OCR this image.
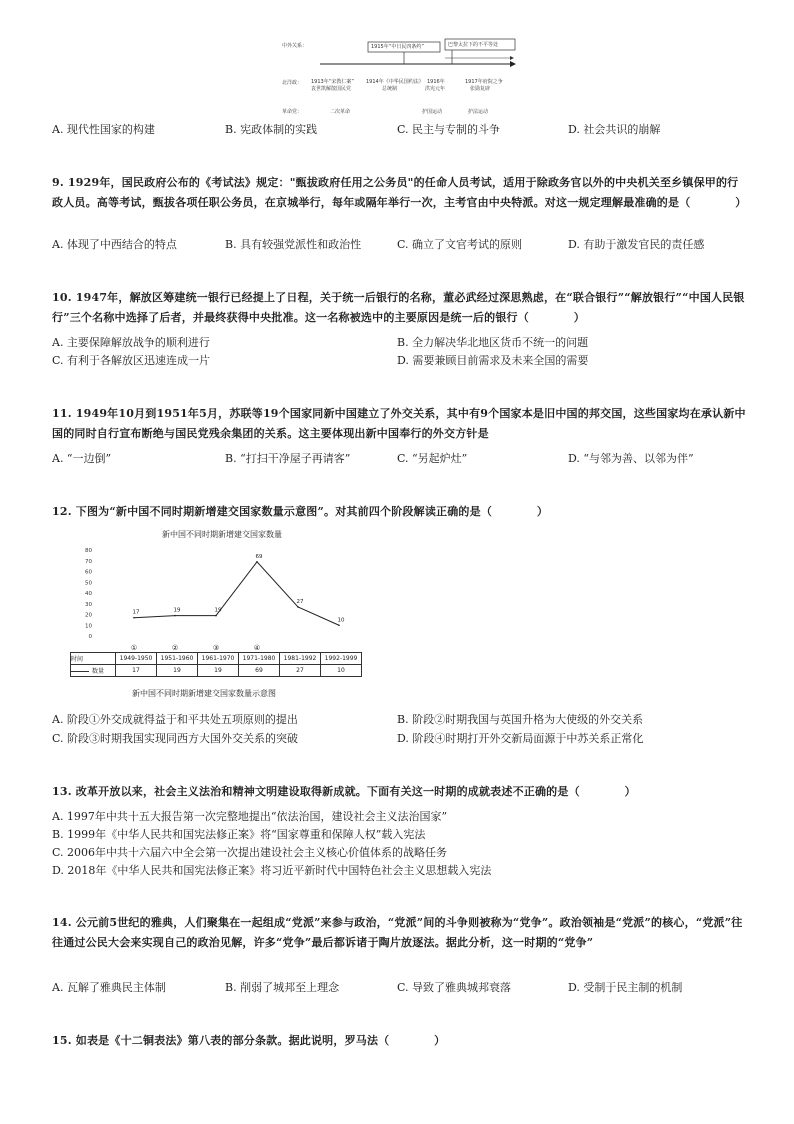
中外关系：	1915年“中日民四条约”	巴黎太拉下的不平等处
北洋政： 1913年“宋教仁案”
袁世凯解散国民党
1914年《中华民国约法》
总统制
1916年
洪宪元年
1917年府院之争
张勋复辟
革命党：	二次革命	护国运动	护法运动
A. 现代性国家的构建	B. 宪政体制的实践	C. 民主与专制的斗争	D. 社会共识的崩解
9. 1929年，国民政府公布的《考试法》规定："甄拔政府任用之公务员"的任命人员考试，适用于除政务官以外的中央机关至乡镇保甲的行政人员。高等考试，甄拔各项任职公务员，在京城举行，每年或隔年举行一次，主考官由中央特派。对这一规定理解最准确的是（　　　　）
A. 体现了中西结合的特点	B. 具有较强党派性和政治性	C. 确立了文官考试的原则	D. 有助于激发官民的责任感
10. 1947年，解放区筹建统一银行已经提上了日程，关于统一后银行的名称，董必武经过深思熟虑，在“联合银行”“解放银行”“中国人民银行”三个名称中选择了后者，并最终获得中央批准。这一名称被选中的主要原因是统一后的银行（　　　　）
A. 主要保障解放战争的顺利进行	B. 全力解决华北地区货币不统一的问题
C. 有利于各解放区迅速连成一片	D. 需要兼顾目前需求及未来全国的需要
11. 1949年10月到1951年5月，苏联等19个国家同新中国建立了外交关系，其中有9个国家本是旧中国的邦交国，这些国家均在承认新中国的同时自行宣布断绝与国民党残余集团的关系。这主要体现出新中国奉行的外交方针是
A. “一边倒”	B. “打扫干净屋子再请客”	C. “另起炉灶”	D. “与邻为善、以邻为伴”
12. 下图为“新中国不同时期新增建交国家数量示意图”。对其前四个阶段解读正确的是（　　　　）
新中国不同时期新增建交国家数量
0
10
20
30
40
50
60
70
80
17	19	19
69
27
10
①	②	③	④
时间	1949-1950	1951-1960	1961-1970	1971-1980	1981-1992	1992-1999
数量	17	19	19	69	27	10
新中国不同时期新增建交国家数量示意图
A. 阶段①外交成就得益于和平共处五项原则的提出	B. 阶段②时期我国与英国升格为大使级的外交关系
C. 阶段③时期我国实现同西方大国外交关系的突破	D. 阶段④时期打开外交新局面源于中苏关系正常化
13. 改革开放以来，社会主义法治和精神文明建设取得新成就。下面有关这一时期的成就表述不正确的是（　　　　）
A. 1997年中共十五大报告第一次完整地提出“依法治国，建设社会主义法治国家”
B. 1999年《中华人民共和国宪法修正案》将“国家尊重和保障人权”载入宪法
C. 2006年中共十六届六中全会第一次提出建设社会主义核心价值体系的战略任务
D. 2018年《中华人民共和国宪法修正案》将习近平新时代中国特色社会主义思想载入宪法
14. 公元前5世纪的雅典，人们聚集在一起组成“党派”来参与政治，“党派”间的斗争则被称为“党争”。政治领袖是“党派”的核心，“党派”往往通过公民大会来实现自己的政治见解，许多“党争”最后都诉诸于陶片放逐法。据此分析，这一时期的“党争”
A. 瓦解了雅典民主体制	B. 削弱了城邦至上理念	C. 导致了雅典城邦衰落	D. 受制于民主制的机制
15. 如表是《十二铜表法》第八表的部分条款。据此说明，罗马法（　　　　）
